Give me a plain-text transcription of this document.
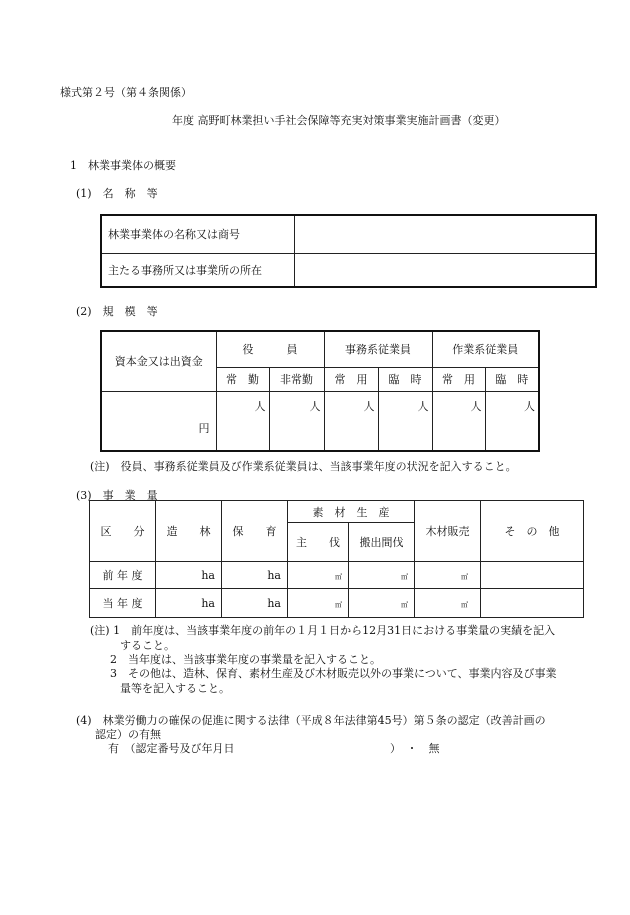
様式第２号（第４条関係）
年度 高野町林業担い手社会保障等充実対策事業実施計画書（変更）
1　林業事業体の概要
(1)　名　称　等
林業事業体の名称又は商号	
主たる事務所又は事業所の所在	
(2)　規　模　等
資本金又は出資金	役　　　員		事務系従業員		作業系従業員	
	常　勤	非常勤	常　用	臨　時	常　用	臨　時
円	人	人	人	人	人	人
(注)　役員、事務系従業員及び作業系従業員は、当該事業年度の状況を記入すること。
(3)　事　業　量
区　　分	造　　林	保　　育	素　材　生　産		木材販売	そ　の　他
			主　　伐	搬出間伐		
前 年 度	ha	ha	㎥	㎥	㎥	
当 年 度	ha	ha	㎥	㎥	㎥	
(注) 1　前年度は、当該事業年度の前年の１月１日から12月31日における事業量の実績を記入
すること。
2　当年度は、当該事業年度の事業量を記入すること。
3　その他は、造林、保育、素材生産及び木材販売以外の事業について、事業内容及び事業
量等を記入すること。
(4)　林業労働力の確保の促進に関する法律（平成８年法律第45号）第５条の認定（改善計画の
認定）の有無
有　（認定番号及び年月日	）　・　無
